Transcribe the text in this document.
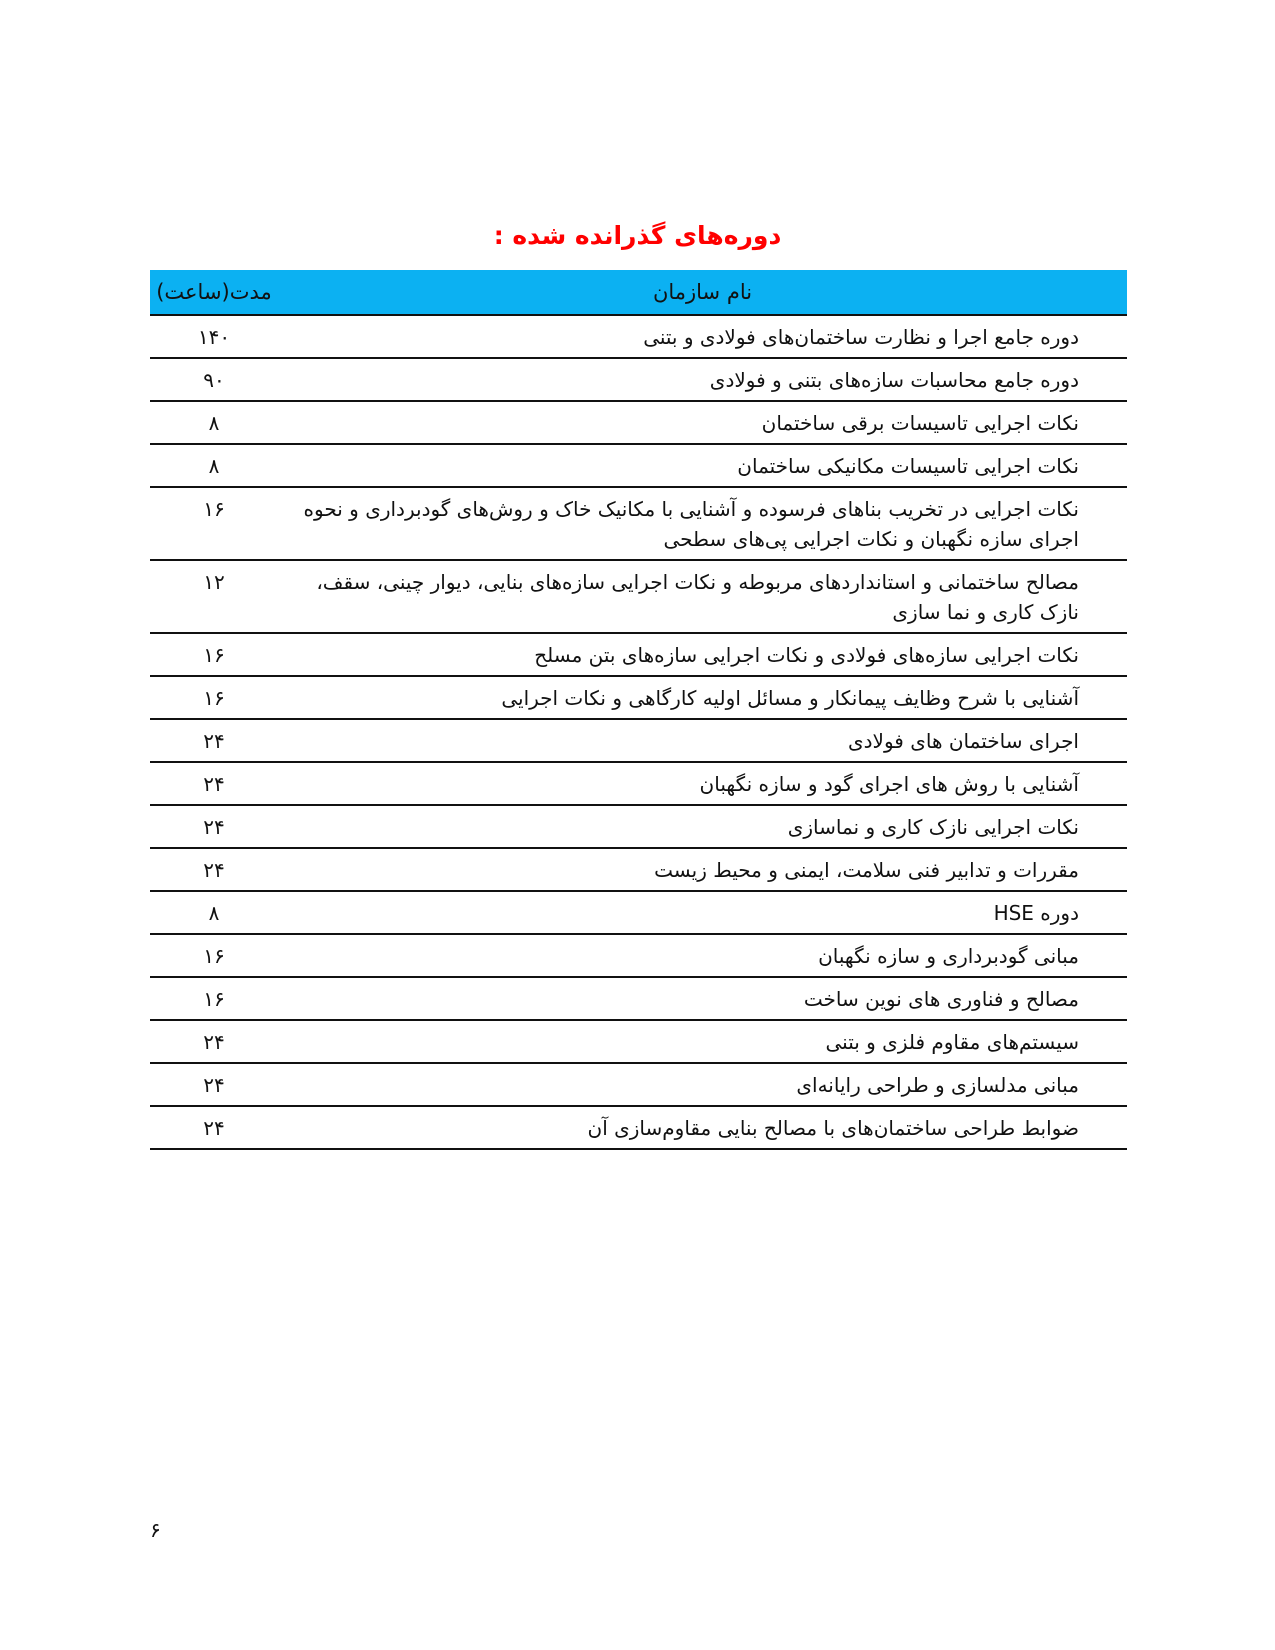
دوره‌های گذرانده شده :
نام سازمان	مدت(ساعت)
دوره جامع اجرا و نظارت ساختمان‌های فولادی و بتنی	۱۴۰
دوره جامع محاسبات سازه‌های بتنی و فولادی	۹۰
نکات اجرایی تاسیسات برقی ساختمان	۸
نکات اجرایی تاسیسات مکانیکی ساختمان	۸
نکات اجرایی در تخریب بناهای فرسوده و آشنایی با مکانیک خاک و روش‌های گودبرداری و نحوه اجرای سازه نگهبان و نکات اجرایی پی‌های سطحی	۱۶
مصالح ساختمانی و استانداردهای مربوطه و نکات اجرایی سازه‌های بنایی، دیوار چینی، سقف، نازک کاری و نما سازی	۱۲
نکات اجرایی سازه‌های فولادی و نکات اجرایی سازه‌های بتن مسلح	۱۶
آشنایی با شرح وظایف پیمانکار و مسائل اولیه کارگاهی و نکات اجرایی	۱۶
اجرای ساختمان های فولادی	۲۴
آشنایی با روش های اجرای گود و سازه نگهبان	۲۴
نکات اجرایی نازک کاری و نماسازی	۲۴
مقررات و تدابیر فنی سلامت، ایمنی و محیط زیست	۲۴
دوره HSE	۸
مبانی گودبرداری و سازه نگهبان	۱۶
مصالح و فناوری های نوین ساخت	۱۶
سیستم‌های مقاوم فلزی و بتنی	۲۴
مبانی مدلسازی و طراحی رایانه‌ای	۲۴
ضوابط طراحی ساختمان‌های با مصالح بنایی مقاوم‌سازی آن	۲۴
۶
